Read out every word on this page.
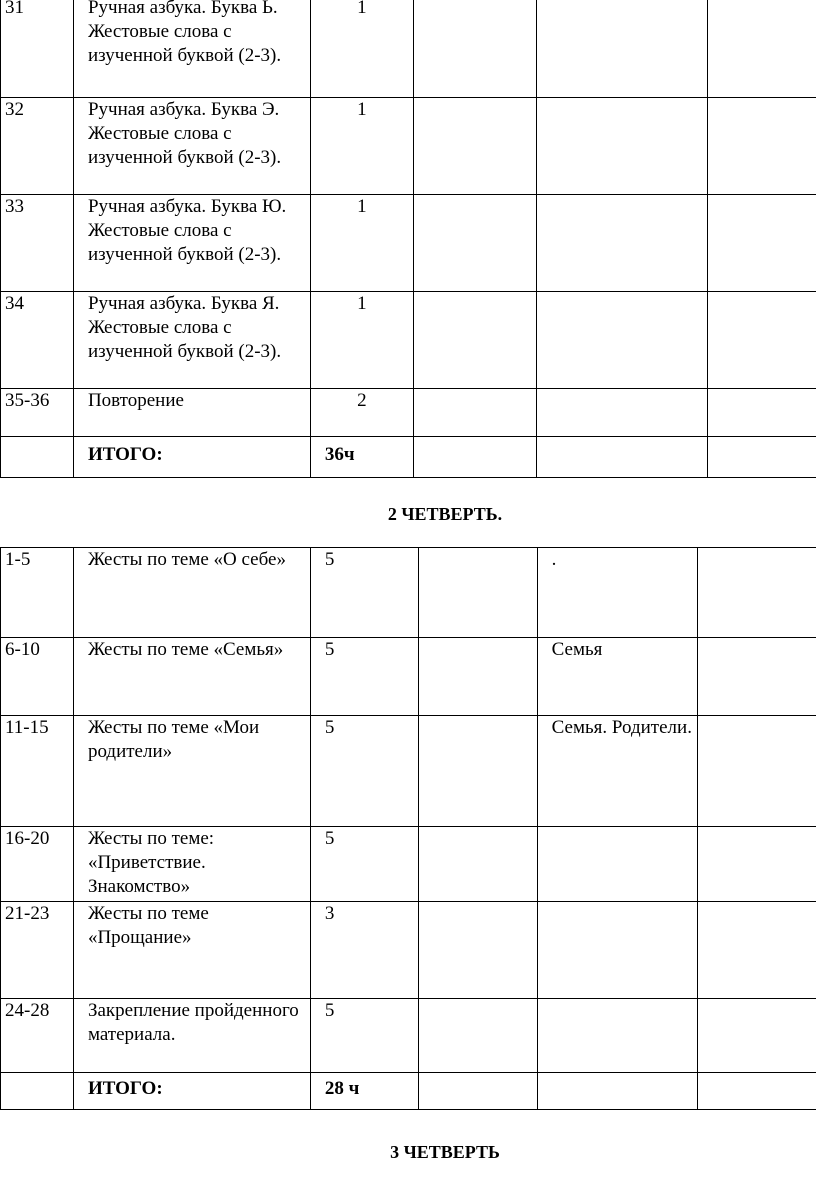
31	Ручная азбука. Буква Ь. Жестовые слова с изученной буквой (2-3).	1			
32	Ручная азбука. Буква Э. Жестовые слова с изученной буквой (2-3).	1			
33	Ручная азбука. Буква Ю. Жестовые слова с изученной буквой (2-3).	1			
34	Ручная азбука. Буква Я. Жестовые слова с изученной буквой (2-3).	1			
35-36	Повторение	2			
	ИТОГО:	36ч			
2 ЧЕТВЕРТЬ.
1-5	Жесты по теме «О себе»	5		.	
6-10	Жесты по теме «Семья»	5		Семья	
11-15	Жесты по теме «Мои родители»	5		Семья. Родители.	
16-20	Жесты по теме: «Приветствие. Знакомство»	5			
21-23	Жесты по теме «Прощание»	3			
24-28	Закрепление пройденного материала.	5			
	ИТОГО:	28 ч			
3 ЧЕТВЕРТЬ
